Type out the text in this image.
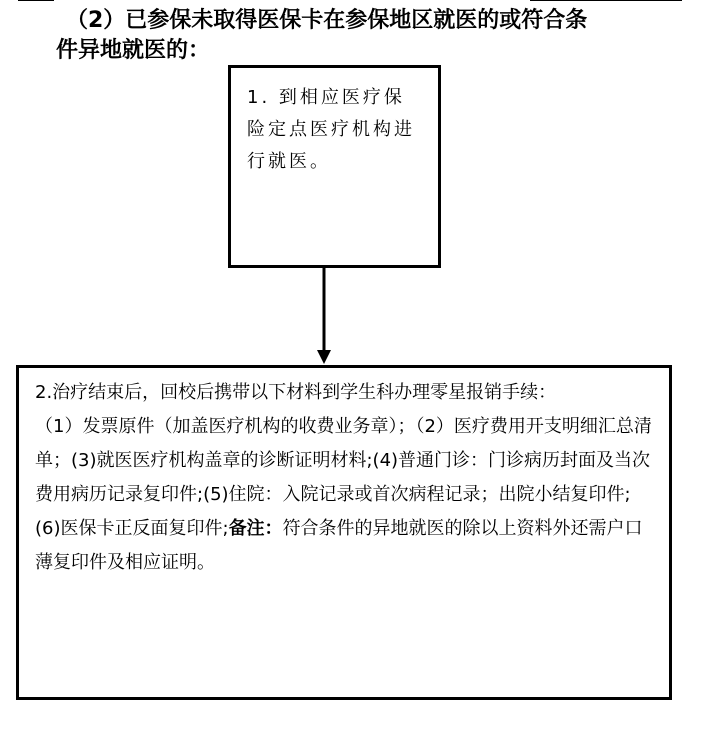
（2）已参保未取得医保卡在参保地区就医的或符合条
件异地就医的：
1. 到相应医疗保险定点医疗机构进行就医。

2.治疗结束后，回校后携带以下材料到学生科办理零星报销手续：

（1）发票原件（加盖医疗机构的收费业务章）；（2）医疗费用开支明细汇总清单；(3)就医医疗机构盖章的诊断证明材料;(4)普通门诊：门诊病历封面及当次费用病历记录复印件;(5)住院：入院记录或首次病程记录；出院小结复印件;(6)医保卡正反面复印件;备注：符合条件的异地就医的除以上资料外还需户口薄复印件及相应证明。
